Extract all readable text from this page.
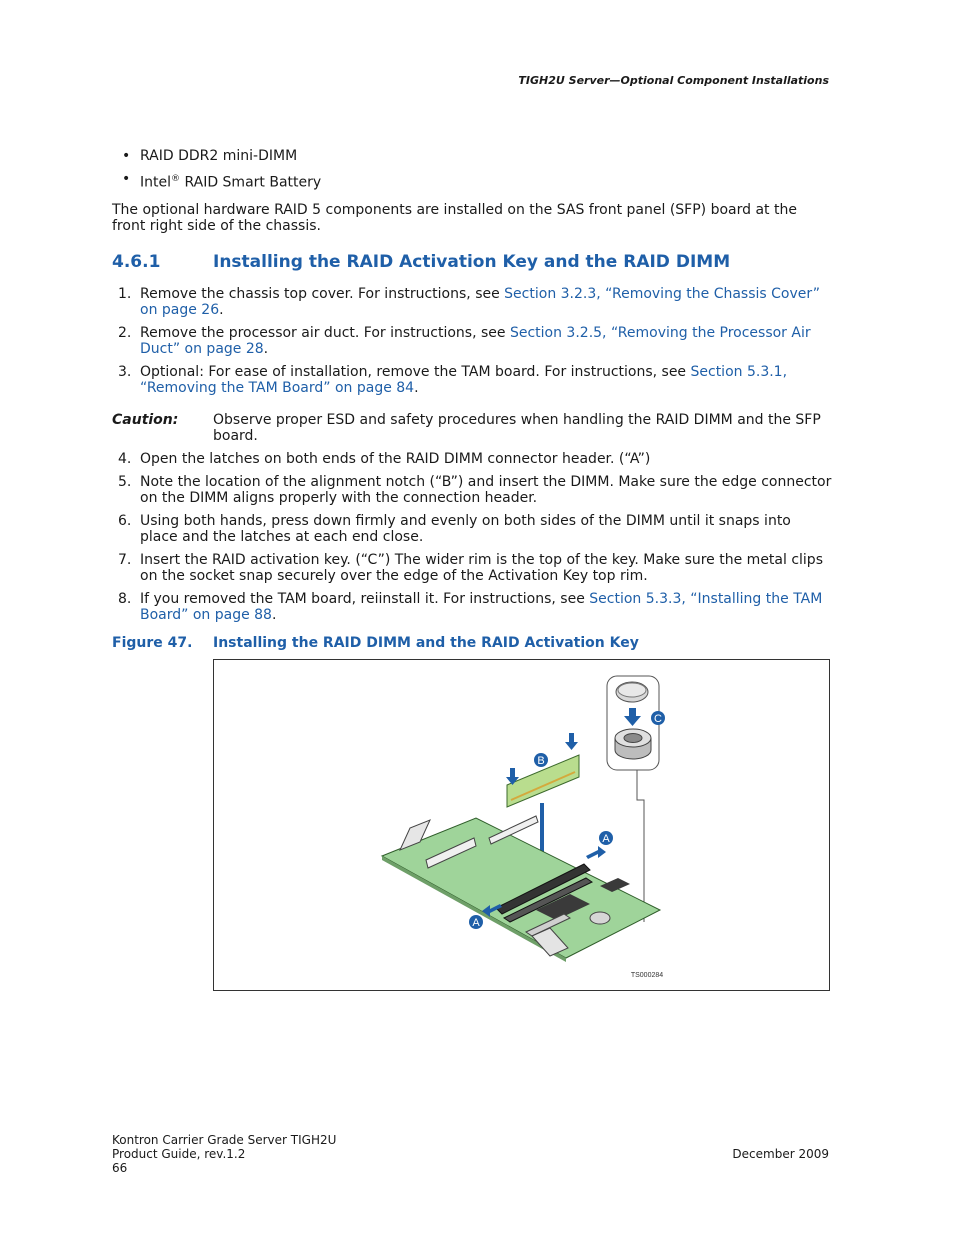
TIGH2U Server—Optional Component Installations
• RAID DDR2 mini-DIMM
• Intel® RAID Smart Battery
The optional hardware RAID 5 components are installed on the SAS front panel (SFP) board at the front right side of the chassis.
4.6.1	Installing the RAID Activation Key and the RAID DIMM
1. Remove the chassis top cover. For instructions, see Section 3.2.3, “Removing the Chassis Cover” on page 26.
2. Remove the processor air duct. For instructions, see Section 3.2.5, “Removing the Processor Air Duct” on page 28.
3. Optional: For ease of installation, remove the TAM board. For instructions, see Section 5.3.1, “Removing the TAM Board” on page 84.
Caution: Observe proper ESD and safety procedures when handling the RAID DIMM and the SFP board.
4. Open the latches on both ends of the RAID DIMM connector header. (“A”)
5. Note the location of the alignment notch (“B”) and insert the DIMM. Make sure the edge connector on the DIMM aligns properly with the connection header.
6. Using both hands, press down firmly and evenly on both sides of the DIMM until it snaps into place and the latches at each end close.
7. Insert the RAID activation key. (“C”) The wider rim is the top of the key. Make sure the metal clips on the socket snap securely over the edge of the Activation Key top rim.
8. If you removed the TAM board, reiinstall it. For instructions, see Section 5.3.3, “Installing the TAM Board” on page 88.
Figure 47. Installing the RAID DIMM and the RAID Activation Key
C
B
A
A
TS000284
Kontron Carrier Grade Server TIGH2U
Product Guide, rev.1.2
66
December 2009
